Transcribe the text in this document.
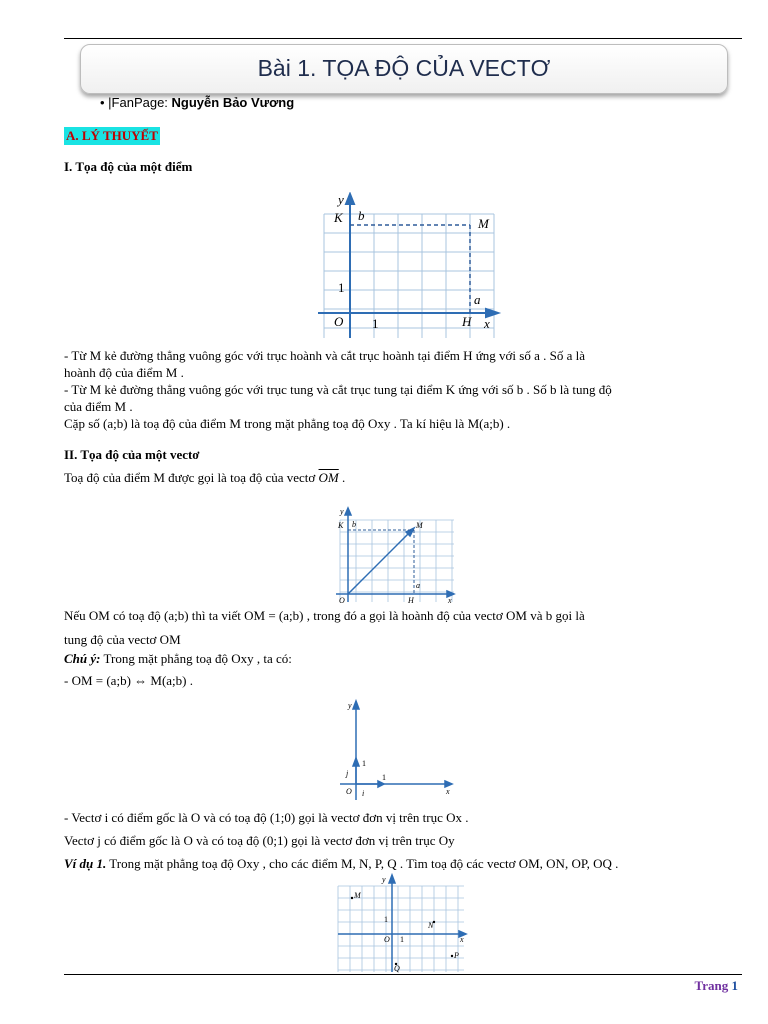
Bài 1. TỌA ĐỘ CỦA VECTƠ
• |FanPage: Nguyễn Bảo Vương
A. LÝ THUYẾT
I. Tọa độ của một điểm
y
K b
M
1
O 1	H
a
x
- Từ M kẻ đường thẳng vuông góc với trục hoành và cắt trục hoành tại điểm H ứng với số a . Số a là
hoành độ của điểm M .
- Từ M kẻ đường thẳng vuông góc với trục tung và cắt trục tung tại điểm K ứng với số b . Số b là tung độ
của điểm M .
Cặp số (a;b) là toạ độ của điểm M trong mặt phẳng toạ độ Oxy . Ta kí hiệu là M(a;b) .
II. Tọa độ của một vectơ
Toạ độ của điểm M được gọi là toạ độ của vectơ $\overline{OM}$ .
y
K b	M
O	H
a
x
Nếu OM có toạ độ (a;b) thì ta viết OM = (a;b) , trong đó a gọi là hoành độ của vectơ OM và b gọi là
tung độ của vectơ OM
Chú ý: Trong mặt phẳng toạ độ Oxy , ta có:
- OM = (a;b) ⇔ M(a;b) .
y
1
j	1
O i	x
- Vectơ i có điểm gốc là O và có toạ độ (1;0) gọi là vectơ đơn vị trên trục Ox .
Vectơ j có điểm gốc là O và có toạ độ (0;1) gọi là vectơ đơn vị trên trục Oy
Ví dụ 1. Trong mặt phẳng toạ độ Oxy , cho các điểm M, N, P, Q . Tìm toạ độ các vectơ OM, ON, OP, OQ .
y
M
1
N
O 1	x
P
Q
Trang 1
